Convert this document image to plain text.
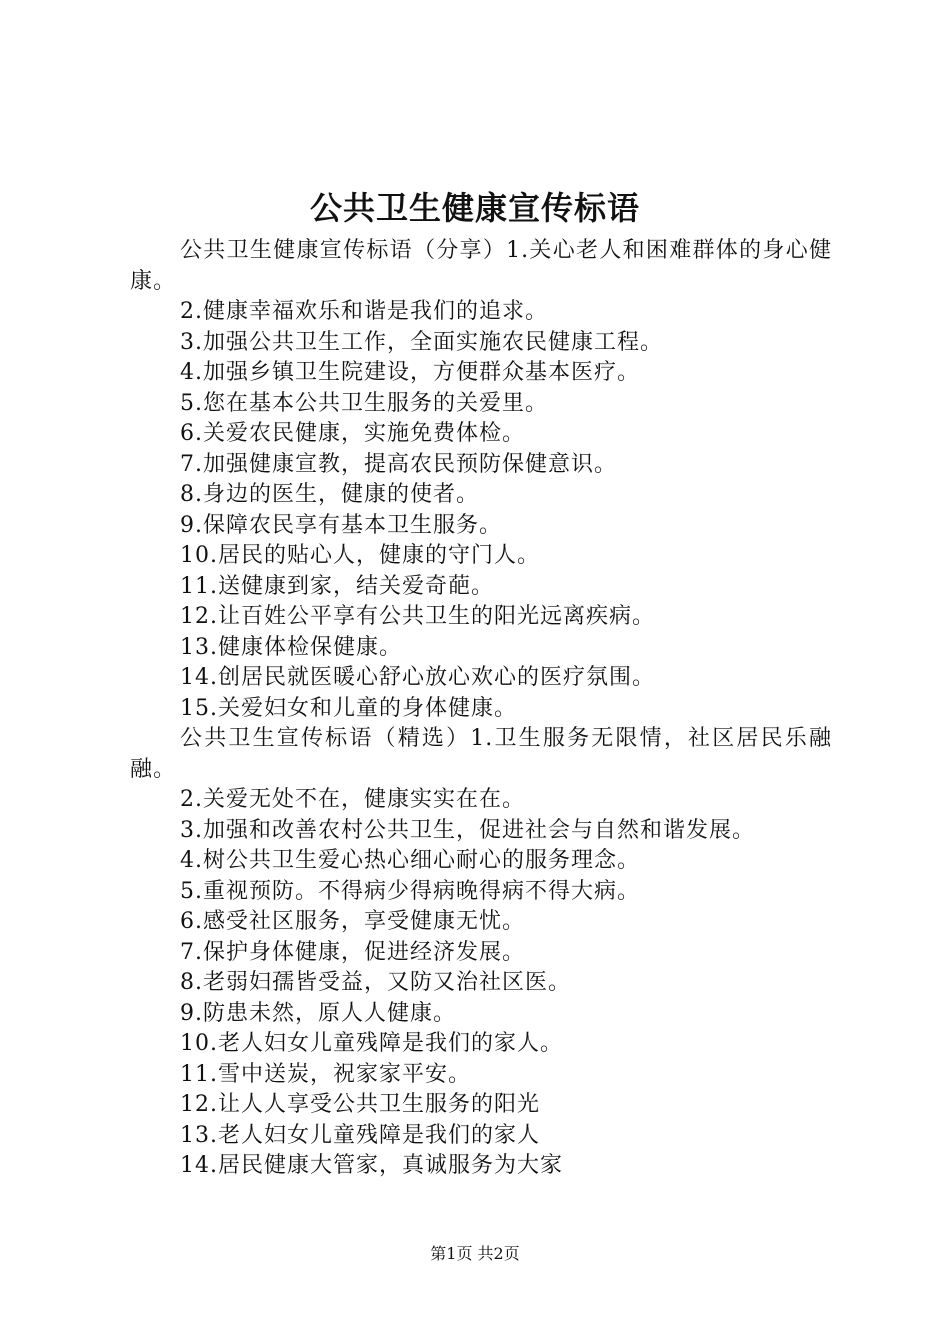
公共卫生健康宣传标语

公共卫生健康宣传标语（分享）1.关心老人和困难群体的身心健康。

2.健康幸福欢乐和谐是我们的追求。

3.加强公共卫生工作，全面实施农民健康工程。

4.加强乡镇卫生院建设，方便群众基本医疗。

5.您在基本公共卫生服务的关爱里。

6.关爱农民健康，实施免费体检。

7.加强健康宣教，提高农民预防保健意识。

8.身边的医生，健康的使者。

9.保障农民享有基本卫生服务。

10.居民的贴心人，健康的守门人。

11.送健康到家，结关爱奇葩。

12.让百姓公平享有公共卫生的阳光远离疾病。

13.健康体检保健康。

14.创居民就医暖心舒心放心欢心的医疗氛围。

15.关爱妇女和儿童的身体健康。

公共卫生宣传标语（精选）1.卫生服务无限情，社区居民乐融融。

2.关爱无处不在，健康实实在在。

3.加强和改善农村公共卫生，促进社会与自然和谐发展。

4.树公共卫生爱心热心细心耐心的服务理念。

5.重视预防。不得病少得病晚得病不得大病。

6.感受社区服务，享受健康无忧。

7.保护身体健康，促进经济发展。

8.老弱妇孺皆受益，又防又治社区医。

9.防患未然，原人人健康。

10.老人妇女儿童残障是我们的家人。

11.雪中送炭，祝家家平安。

12.让人人享受公共卫生服务的阳光

13.老人妇女儿童残障是我们的家人

14.居民健康大管家，真诚服务为大家

第1页 共2页
